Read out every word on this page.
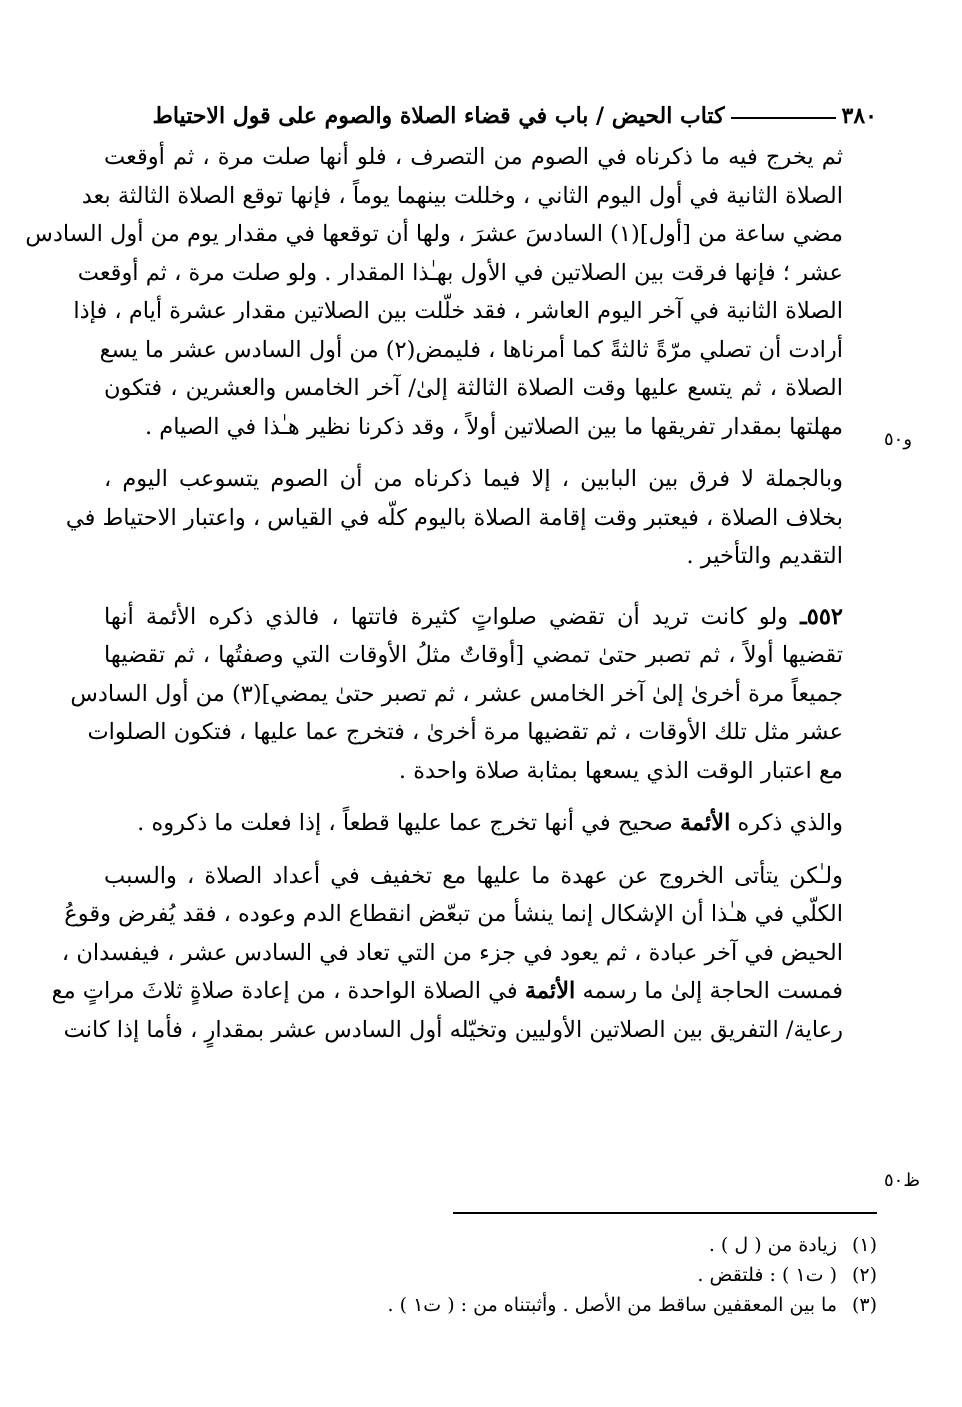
٣٨٠
كتاب الحيض / باب في قضاء الصلاة والصوم على قول الاحتياط

ثم يخرج فيه ما ذكرناه في الصوم من التصرف ، فلو أنها صلت مرة ، ثم أوقعت
الصلاة الثانية في أول اليوم الثاني ، وخللت بينهما يوماً ، فإنها توقع الصلاة الثالثة بعد
مضي ساعة من [أول](١) السادسَ عشرَ ، ولها أن توقعها في مقدار يوم من أول السادس
عشر ؛ فإنها فرقت بين الصلاتين في الأول بهـٰذا المقدار . ولو صلت مرة ، ثم أوقعت
الصلاة الثانية في آخر اليوم العاشر ، فقد خلّلت بين الصلاتين مقدار عشرة أيام ، فإذا
أرادت أن تصلي مرّةً ثالثةً كما أمرناها ، فليمض(٢) من أول السادس عشر ما يسع
الصلاة ، ثم يتسع عليها وقت الصلاة الثالثة إلىٰ/ آخر الخامس والعشرين ، فتكون
مهلتها بمقدار تفريقها ما بين الصلاتين أولاً ، وقد ذكرنا نظير هـٰذا في الصيام .

وبالجملة لا فرق بين البابين ، إلا فيما ذكرناه من أن الصوم يتسوعب اليوم ،
بخلاف الصلاة ، فيعتبر وقت إقامة الصلاة باليوم كلّه في القياس ، واعتبار الاحتياط في
التقديم والتأخير .

٥٥٢ـ ولو كانت تريد أن تقضي صلواتٍ كثيرة فاتتها ، فالذي ذكره الأئمة أنها
تقضيها أولاً ، ثم تصبر حتىٰ تمضي [أوقاتٌ مثلُ الأوقات التي وصفتُها ، ثم تقضيها
جميعاً مرة أخرىٰ إلىٰ آخر الخامس عشر ، ثم تصبر حتىٰ يمضي](٣) من أول السادس
عشر مثل تلك الأوقات ، ثم تقضيها مرة أخرىٰ ، فتخرج عما عليها ، فتكون الصلوات
مع اعتبار الوقت الذي يسعها بمثابة صلاة واحدة .

والذي ذكره الأئمة صحيح في أنها تخرج عما عليها قطعاً ، إذا فعلت ما ذكروه .

ولـٰكن يتأتى الخروج عن عهدة ما عليها مع تخفيف في أعداد الصلاة ، والسبب
الكلّي في هـٰذا أن الإشكال إنما ينشأ من تبعّض انقطاع الدم وعوده ، فقد يُفرض وقوعُ
الحيض في آخر عبادة ، ثم يعود في جزء من التي تعاد في السادس عشر ، فيفسدان ،
فمست الحاجة إلىٰ ما رسمه الأئمة في الصلاة الواحدة ، من إعادة صلاةٍ ثلاثَ مراتٍ مع
رعاية/ التفريق بين الصلاتين الأوليين وتخيّله أول السادس عشر بمقدارٍ ، فأما إذا كانت

و٥٠
ظ٥٠
(١)زيادة من ( ل ) .
(٢)( ت١ ) : فلتقض .
(٣)ما بين المعقفين ساقط من الأصل . وأثبتناه من : ( ت١ ) .
